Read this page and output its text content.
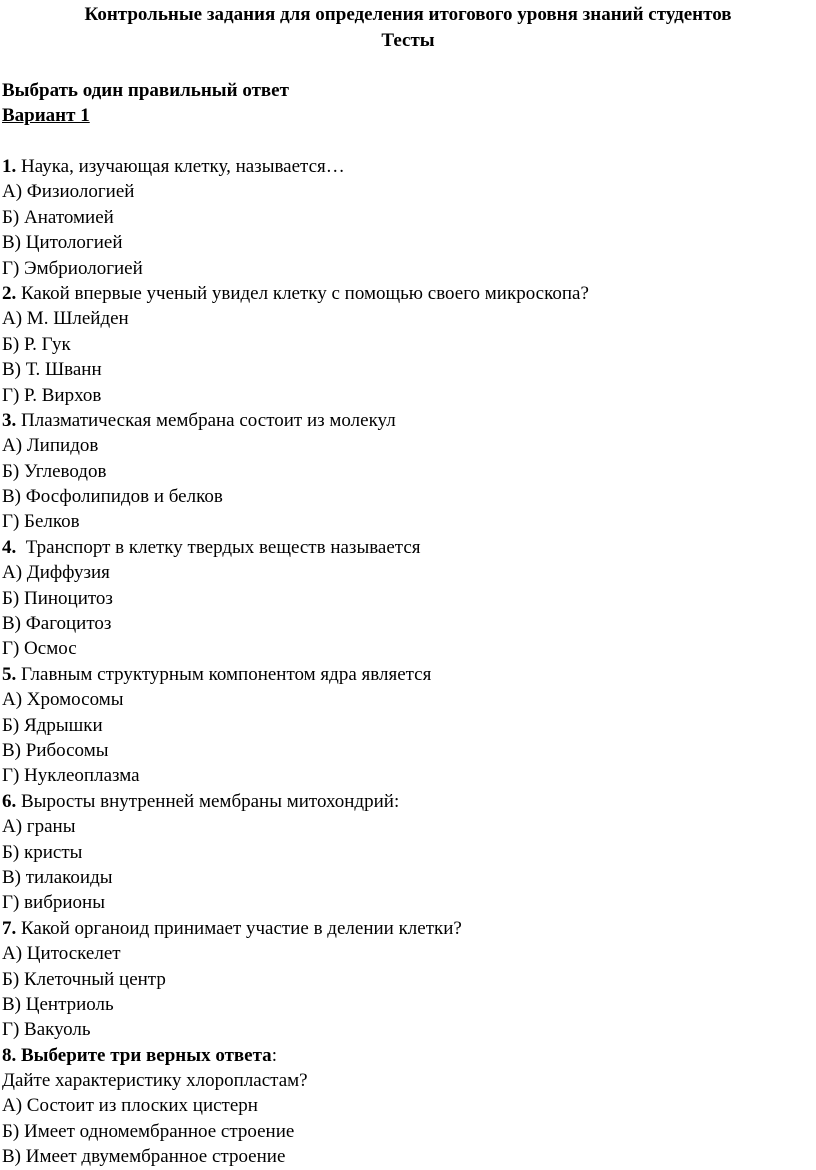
Контрольные задания для определения итогового уровня знаний студентов
Тесты
Выбрать один правильный ответ
Вариант 1
1. Наука, изучающая клетку, называется…
А) Физиологией
Б) Анатомией
В) Цитологией
Г) Эмбриологией
2. Какой впервые ученый увидел клетку с помощью своего микроскопа?
А) М. Шлейден
Б) Р. Гук
В) Т. Шванн
Г) Р. Вирхов
3. Плазматическая мембрана состоит из молекул
А) Липидов
Б) Углеводов
В) Фосфолипидов и белков
Г) Белков
4.  Транспорт в клетку твердых веществ называется
А) Диффузия
Б) Пиноцитоз
В) Фагоцитоз
Г) Осмос
5. Главным структурным компонентом ядра является
А) Хромосомы
Б) Ядрышки
В) Рибосомы
Г) Нуклеоплазма
6. Выросты внутренней мембраны митохондрий:
А) граны
Б) кристы
В) тилакоиды
Г) вибрионы
7. Какой органоид принимает участие в делении клетки?
А) Цитоскелет
Б) Клеточный центр
В) Центриоль
Г) Вакуоль
8. Выберите три верных ответа:
Дайте характеристику хлоропластам?
А) Состоит из плоских цистерн
Б) Имеет одномембранное строение
В) Имеет двумембранное строение
